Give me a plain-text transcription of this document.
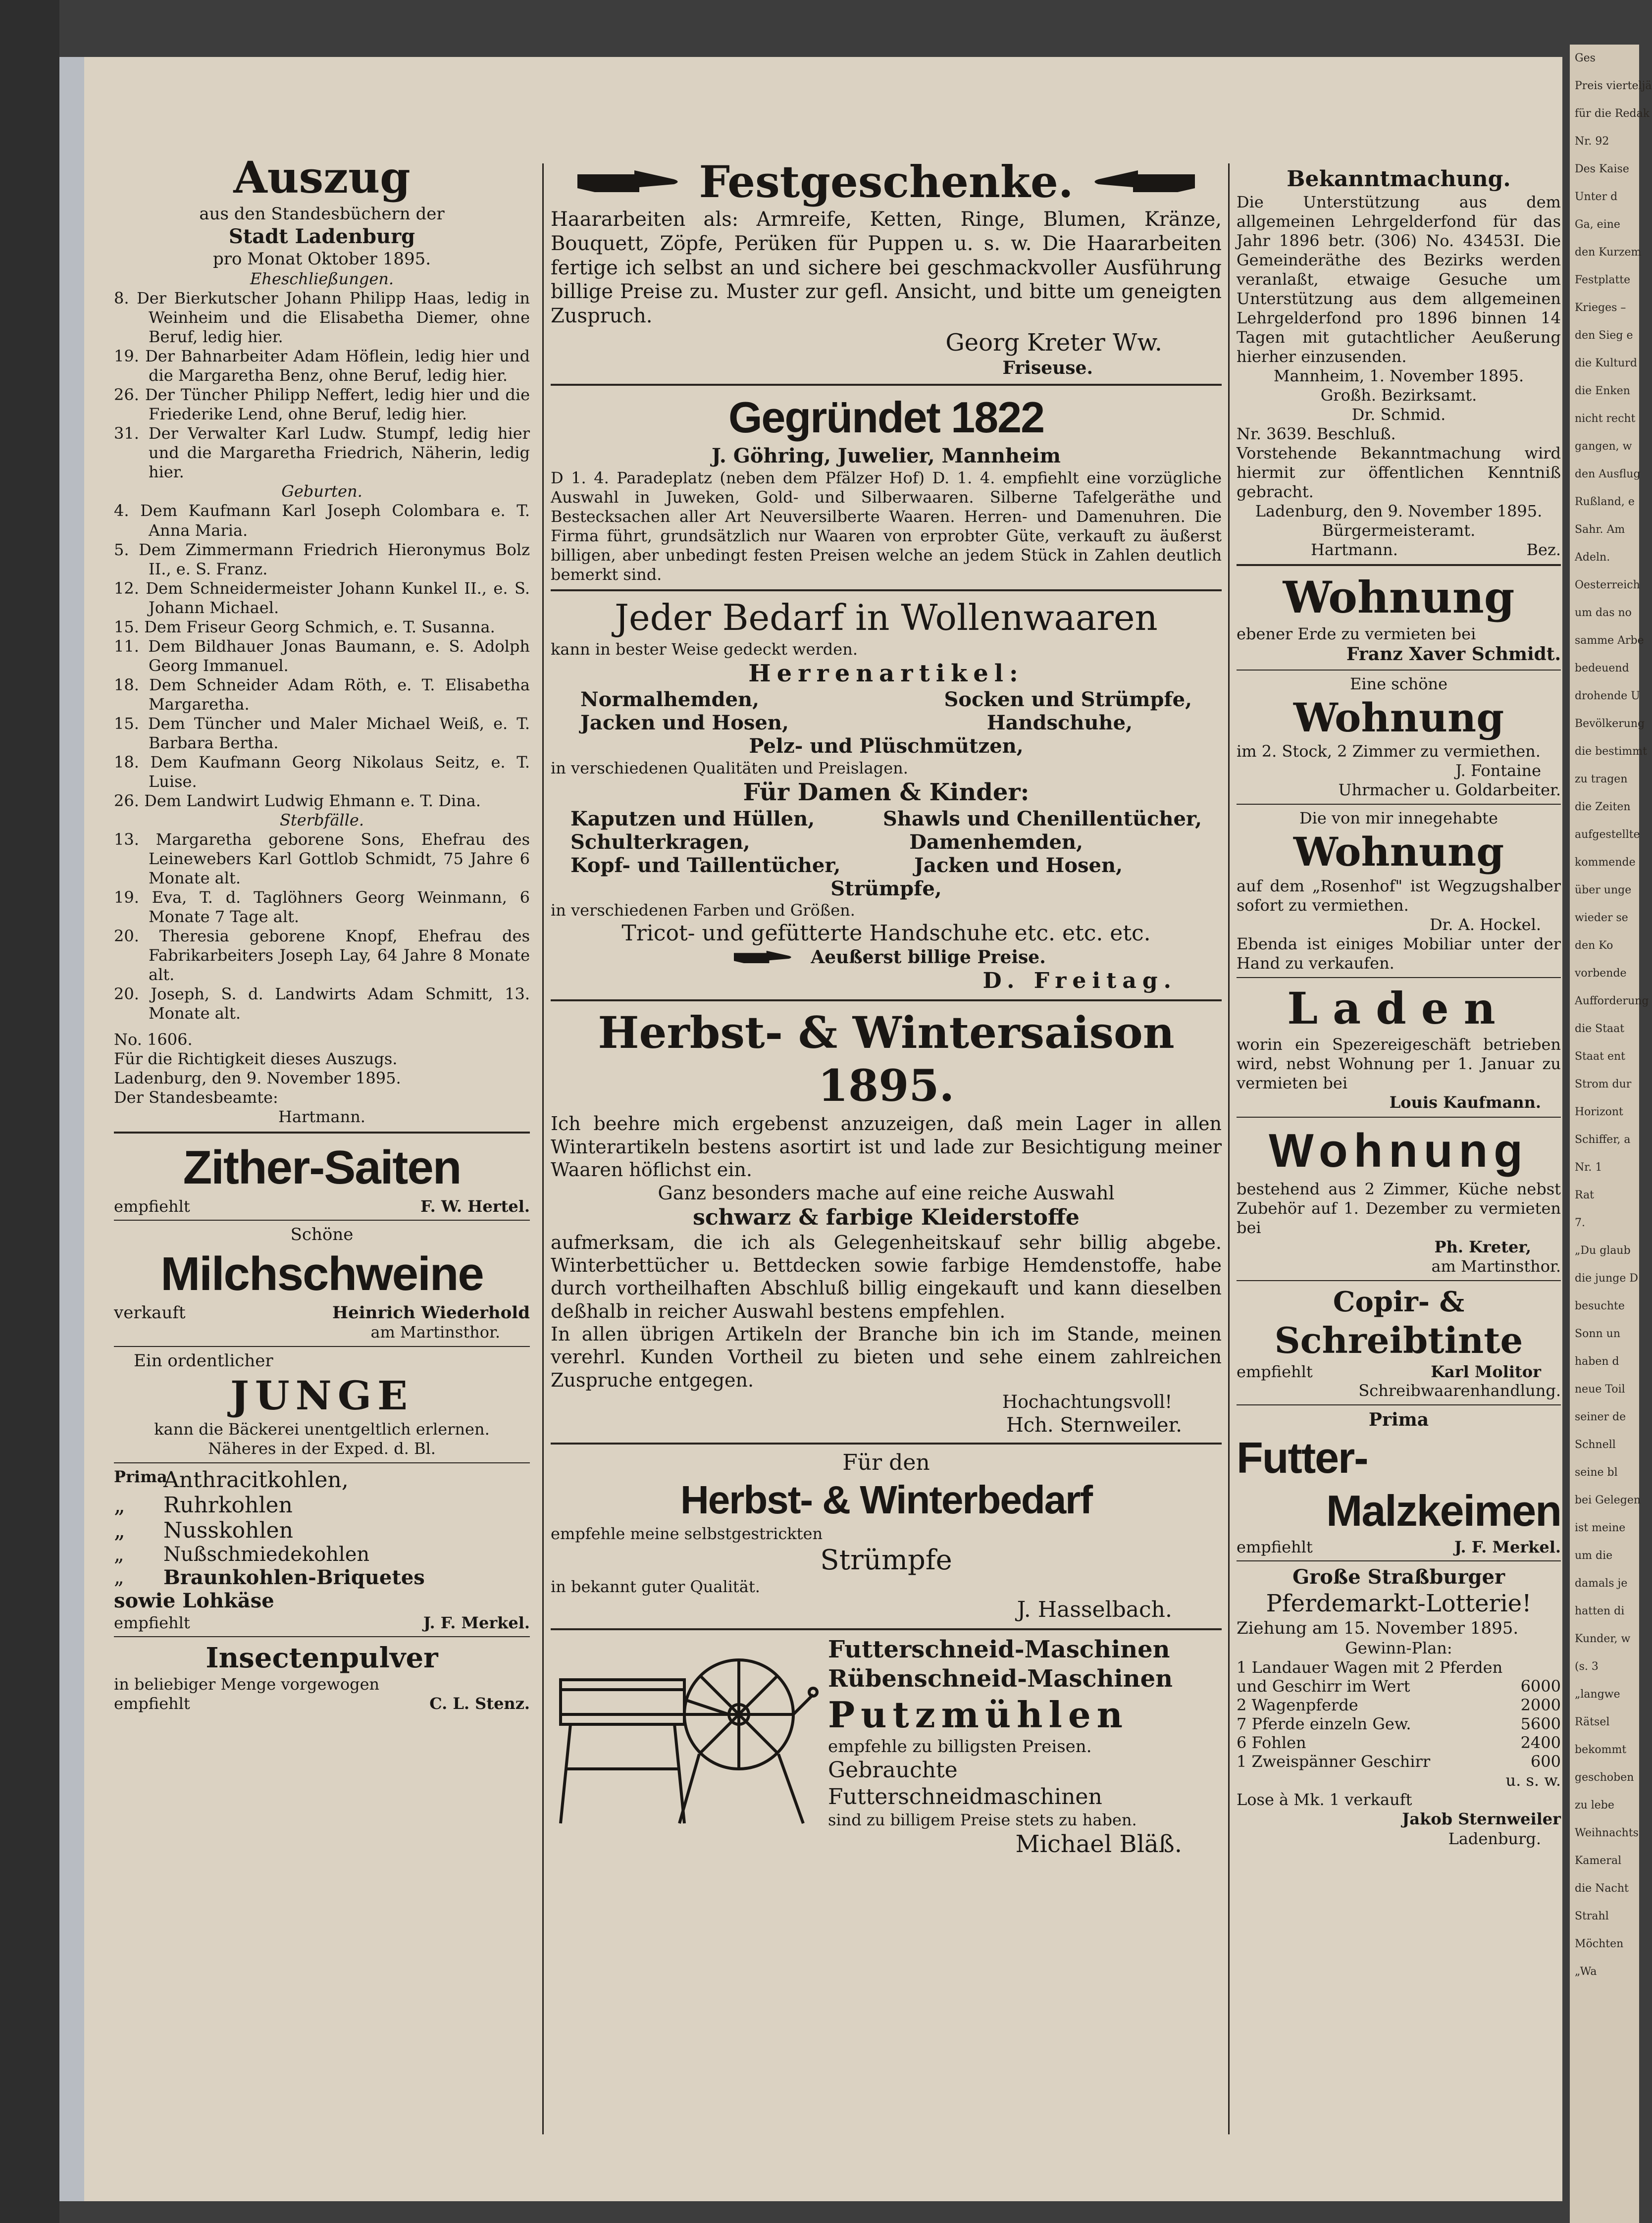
Ges
Preis vierteljä
für die Redak
Nr. 92
Des Kaise
Unter d
Ga, eine
den Kurzem
Festplatte
Krieges –
den Sieg e
die Kulturd
die Enken
nicht recht
gangen, w
den Ausflug
Rußland, e
Sahr. Am
Adeln.
Oesterreich
um das no
samme Arbe
bedeuend
drohende U
Bevölkerung
die bestimmt
zu tragen
die Zeiten
aufgestellte
kommende
über unge
wieder se
den Ko
vorbende
Aufforderung
die Staat
Staat ent
Strom dur
Horizont
Schiffer, a
Nr. 1
Rat
7.
„Du glaub
die junge D
besuchte
Sonn un
haben d
neue Toil
seiner de
Schnell
seine bl
bei Gelegen
ist meine
um die
damals je
hatten di
Kunder, w
(s. 3
„langwe
Rätsel
bekommt
geschoben
zu lebe
Weihnachts
Kameral
die Nacht
Strahl
Möchten
„Wa

Auszug

aus den Standesbüchern der

Stadt Ladenburg

pro Monat Oktober 1895.

Eheschließungen.

8. Der Bierkutscher Johann Philipp Haas, ledig in Weinheim und die Elisabetha Diemer, ohne Beruf, ledig hier.

19. Der Bahnarbeiter Adam Höflein, ledig hier und die Margaretha Benz, ohne Beruf, ledig hier.

26. Der Tüncher Philipp Neffert, ledig hier und die Friederike Lend, ohne Beruf, ledig hier.

31. Der Verwalter Karl Ludw. Stumpf, ledig hier und die Margaretha Friedrich, Näherin, ledig hier.

Geburten.

4. Dem Kaufmann Karl Joseph Colombara e. T. Anna Maria.

5. Dem Zimmermann Friedrich Hieronymus Bolz II., e. S. Franz.

12. Dem Schneidermeister Johann Kunkel II., e. S. Johann Michael.

15. Dem Friseur Georg Schmich, e. T. Susanna.

11. Dem Bildhauer Jonas Baumann, e. S. Adolph Georg Immanuel.

18. Dem Schneider Adam Röth, e. T. Elisabetha Margaretha.

15. Dem Tüncher und Maler Michael Weiß, e. T. Barbara Bertha.

18. Dem Kaufmann Georg Nikolaus Seitz, e. T. Luise.

26. Dem Landwirt Ludwig Ehmann e. T. Dina.

Sterbfälle.

13. Margaretha geborene Sons, Ehefrau des Leinewebers Karl Gottlob Schmidt, 75 Jahre 6 Monate alt.

19. Eva, T. d. Taglöhners Georg Weinmann, 6 Monate 7 Tage alt.

20. Theresia geborene Knopf, Ehefrau des Fabrikarbeiters Joseph Lay, 64 Jahre 8 Monate alt.

20. Joseph, S. d. Landwirts Adam Schmitt, 13. Monate alt.

No. 1606.

Für die Richtigkeit dieses Auszugs.

Ladenburg, den 9. November 1895.

Der Standesbeamte:

Hartmann.

Zither-Saiten

empfiehlt	F. W. Hertel.

Schöne

Milchschweine

verkauft	Heinrich Wiederhold

am Martinsthor.

Ein ordentlicher

JUNGE

kann die Bäckerei unentgeltlich erlernen.

Näheres in der Exped. d. Bl.

Prima
Anthracitkohlen,
„	Ruhrkohlen
„	Nusskohlen
„	Nußschmiedekohlen
„	Braunkohlen-Briquetes

sowie Lohkäse

empfiehlt	J. F. Merkel.

Insectenpulver

in beliebiger Menge vorgewogen

empfiehlt	C. L. Stenz.
Festgeschenke.

Haararbeiten als: Armreife, Ketten, Ringe, Blumen, Kränze, Bouquett, Zöpfe, Perüken für Puppen u. s. w. Die Haararbeiten fertige ich selbst an und sichere bei geschmackvoller Ausführung billige Preise zu. Muster zur gefl. Ansicht, und bitte um geneigten Zuspruch.

Georg Kreter Ww.

Friseuse.

Gegründet 1822

J. Göhring, Juwelier, Mannheim

D 1. 4. Paradeplatz (neben dem Pfälzer Hof) D. 1. 4. empfiehlt eine vorzügliche Auswahl in Juweken, Gold- und Silberwaaren. Silberne Tafelgeräthe und Bestecksachen aller Art Neuversilberte Waaren. Herren- und Damenuhren. Die Firma führt, grundsätzlich nur Waaren von erprobter Güte, verkauft zu äußerst billigen, aber unbedingt festen Preisen welche an jedem Stück in Zahlen deutlich bemerkt sind.

Jeder Bedarf in Wollenwaaren

kann in bester Weise gedeckt werden.

Herrenartikel:

Normalhemden,	Socken und Strümpfe,
Jacken und Hosen,	Handschuhe,

Pelz- und Plüschmützen,

in verschiedenen Qualitäten und Preislagen.

Für Damen & Kinder:

Kaputzen und Hüllen,	Shawls und Chenillentücher,
Schulterkragen,	Damenhemden,
Kopf- und Taillentücher,	Jacken und Hosen,

Strümpfe,

in verschiedenen Farben und Größen.

Tricot- und gefütterte Handschuhe etc. etc. etc.

Aeußerst billige Preise.

D. Freitag.

Herbst- & Wintersaison 1895.

Ich beehre mich ergebenst anzuzeigen, daß mein Lager in allen Winterartikeln bestens asortirt ist und lade zur Besichtigung meiner Waaren höflichst ein.

Ganz besonders mache auf eine reiche Auswahl

schwarz & farbige Kleiderstoffe

aufmerksam, die ich als Gelegenheitskauf sehr billig abgebe. Winterbettücher u. Bettdecken sowie farbige Hemdenstoffe, habe durch vortheilhaften Abschluß billig eingekauft und kann dieselben deßhalb in reicher Auswahl bestens empfehlen.

In allen übrigen Artikeln der Branche bin ich im Stande, meinen verehrl. Kunden Vortheil zu bieten und sehe einem zahlreichen Zuspruche entgegen.

Hochachtungsvoll!

Hch. Sternweiler.

Für den

Herbst- & Winterbedarf

empfehle meine selbstgestrickten

Strümpfe

in bekannt guter Qualität.

J. Hasselbach.

Futterschneid-Maschinen

Rübenschneid-Maschinen

Putzmühlen

empfehle zu billigsten Preisen.

Gebrauchte Futterschneidmaschinen

sind zu billigem Preise stets zu haben.

Michael Bläß.

Bekanntmachung.

Die Unterstützung aus dem allgemeinen Lehrgelderfond für das Jahr 1896 betr. (306) No. 43453I. Die Gemeinderäthe des Bezirks werden veranlaßt, etwaige Gesuche um Unterstützung aus dem allgemeinen Lehrgelderfond pro 1896 binnen 14 Tagen mit gutachtlicher Aeußerung hierher einzusenden.

Mannheim, 1. November 1895.

Großh. Bezirksamt.

Dr. Schmid.

Nr. 3639. Beschluß.

Vorstehende Bekanntmachung wird hiermit zur öffentlichen Kenntniß gebracht.

Ladenburg, den 9. November 1895.

Bürgermeisteramt.

Hartmann.	Bez.

Wohnung

ebener Erde zu vermieten bei

Franz Xaver Schmidt.

Eine schöne

Wohnung

im 2. Stock, 2 Zimmer zu vermiethen.

J. Fontaine

Uhrmacher u. Goldarbeiter.

Die von mir innegehabte

Wohnung

auf dem „Rosenhof" ist Wegzugshalber sofort zu vermiethen.

Dr. A. Hockel.

Ebenda ist einiges Mobiliar unter der Hand zu verkaufen.

Laden

worin ein Spezereigeschäft betrieben wird, nebst Wohnung per 1. Januar zu vermieten bei

Louis Kaufmann.

Wohnung

bestehend aus 2 Zimmer, Küche nebst Zubehör auf 1. Dezember zu vermieten bei

Ph. Kreter,

am Martinsthor.

Copir- &

Schreibtinte

empfiehlt	Karl Molitor

Schreibwaarenhandlung.

Prima

Futter-

Malzkeimen

empfiehlt	J. F. Merkel.

Große Straßburger

Pferdemarkt-Lotterie!

Ziehung am 15. November 1895.

Gewinn-Plan:

1 Landauer Wagen mit 2 Pferden und Geschirr im Wert	6000
2 Wagenpferde	2000
7 Pferde einzeln Gew.	5600
6 Fohlen	2400
1 Zweispänner Geschirr	600

u. s. w.

Lose à Mk. 1 verkauft

Jakob Sternweiler

Ladenburg.
